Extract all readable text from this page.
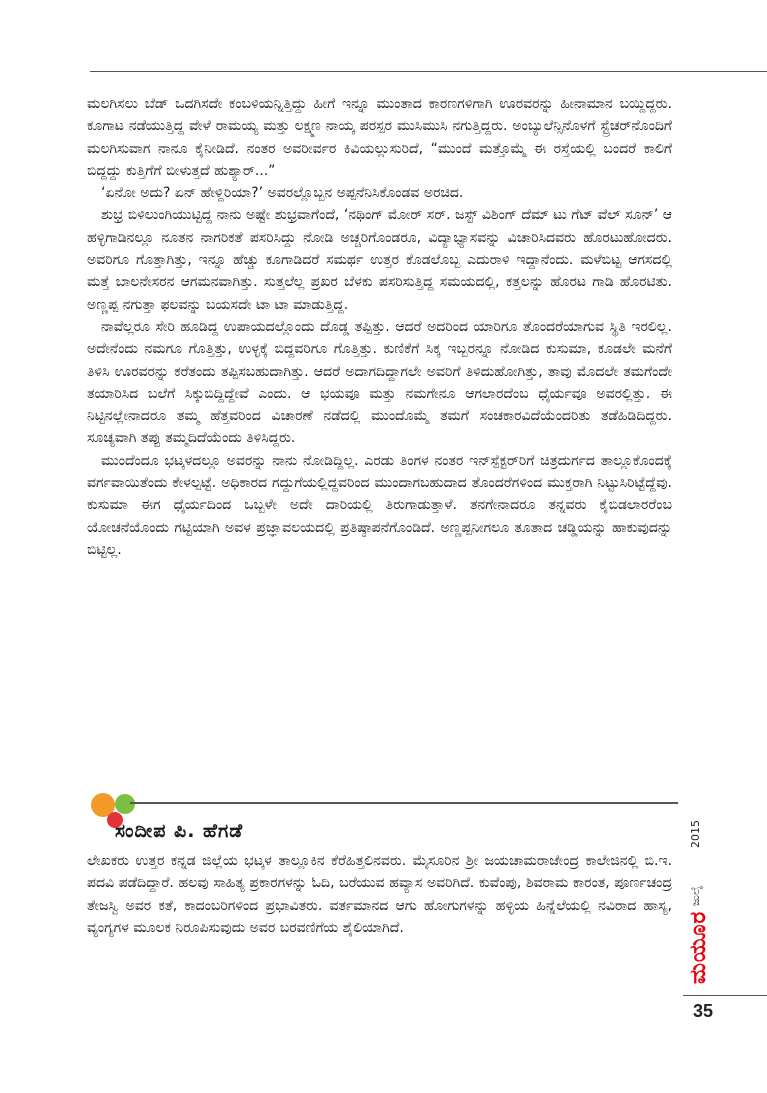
ಮಲಗಿಸಲು ಬೆಡ್ ಒದಗಿಸದೇ ಕಂಬಳಿಯನ್ನಿತ್ತಿದ್ದು ಹೀಗೆ ಇನ್ನೂ ಮುಂತಾದ ಕಾರಣಗಳಿಗಾಗಿ ಊರವರನ್ನು ಹೀನಾಮಾನ ಬಯ್ದಿದ್ದರು. ಕೂಗಾಟ ನಡೆಯುತ್ತಿದ್ದ ವೇಳೆ ರಾಮಯ್ಯ ಮತ್ತು ಲಕ್ಷ್ಮಣ ನಾಯ್ಕ ಪರಸ್ಪರ ಮುಸಿಮುಸಿ ನಗುತ್ತಿದ್ದರು. ಅಂಬ್ಯುಲೆನ್ಸಿನೊಳಗೆ ಸ್ಟ್ರೆಚರ್‌ನೊಂದಿಗೆ ಮಲಗಿಸುವಾಗ ನಾನೂ ಕೈನೀಡಿದೆ. ನಂತರ ಅವರೀರ್ವರ ಕಿವಿಯಲ್ಲುಸುರಿದೆ, “ಮುಂದೆ ಮತ್ತೊಮ್ಮೆ ಈ ರಸ್ತೆಯಲ್ಲಿ ಬಂದರೆ ಕಾಲಿಗೆ ಬಿದ್ದದ್ದು ಕುತ್ತಿಗೆಗೆ ಬೀಳುತ್ತದೆ ಹುಶ್ಯಾರ್...”

‘ಏನೋ ಅದು? ಏನ್ ಹೇಳ್ದಿರಿಯಾ?’ ಅವರಲ್ಲೊಬ್ಬನ ಅಪ್ಪನೆನಿಸಿಕೊಂಡವ ಅರಚಿದ.

ಶುಭ್ರ ಬಿಳಿಲುಂಗಿಯುಟ್ಟಿದ್ದ ನಾನು ಅಷ್ಟೇ ಶುಭ್ರವಾಗೆಂದೆ, ‘ನಥಿಂಗ್ ಮೋರ್ ಸರ್. ಜಸ್ಟ್ ವಿಶಿಂಗ್ ದೆಮ್ ಟು ಗೆಟ್ ವೆಲ್ ಸೂನ್’ ಆ ಹಳ್ಳಿಗಾಡಿನಲ್ಲೂ ನೂತನ ನಾಗರಿಕತೆ ಪಸರಿಸಿದ್ದು ನೋಡಿ ಅಚ್ಚರಿಗೊಂಡರೂ, ವಿದ್ಯಾಭ್ಯಾಸವನ್ನು ವಿಚಾರಿಸಿದವರು ಹೊರಟುಹೋದರು. ಅವರಿಗೂ ಗೊತ್ತಾಗಿತ್ತು, ಇನ್ನೂ ಹೆಚ್ಚು ಕೂಗಾಡಿದರೆ ಸಮರ್ಥ ಉತ್ತರ ಕೊಡಲೊಬ್ಬ ಎದುರಾಳಿ ಇದ್ದಾನೆಂದು. ಮಳೆಬಿಟ್ಟ ಆಗಸದಲ್ಲಿ ಮತ್ತೆ ಬಾಲನೇಸರನ ಆಗಮನವಾಗಿತ್ತು. ಸುತ್ತಲೆಲ್ಲ ಪ್ರಖರ ಬೆಳಕು ಪಸರಿಸುತ್ತಿದ್ದ ಸಮಯದಲ್ಲಿ, ಕತ್ತಲನ್ನು ಹೊರಟ ಗಾಡಿ ಹೊರಟಿತು. ಅಣ್ಣಪ್ಪ ನಗುತ್ತಾ ಫಲವನ್ನು ಬಯಸದೇ ಟಾ ಟಾ ಮಾಡುತ್ತಿದ್ದ.

ನಾವೆಲ್ಲರೂ ಸೇರಿ ಹೂಡಿದ್ದ ಉಪಾಯದಲ್ಲೊಂದು ದೊಡ್ಡ ತಪ್ಪಿತ್ತು. ಆದರೆ ಅದರಿಂದ ಯಾರಿಗೂ ತೊಂದರೆಯಾಗುವ ಸ್ಥಿತಿ ಇರಲಿಲ್ಲ. ಅದೇನೆಂದು ನಮಗೂ ಗೊತ್ತಿತ್ತು, ಉಳ್ಳಕ್ಕೆ ಬಿದ್ದವರಿಗೂ ಗೊತ್ತಿತ್ತು. ಕುಣಿಕೆಗೆ ಸಿಕ್ಕ ಇಬ್ಬರನ್ನೂ ನೋಡಿದ ಕುಸುಮಾ, ಕೂಡಲೇ ಮನೆಗೆ ತಿಳಿಸಿ ಊರವರನ್ನು ಕರೆತಂದು ತಪ್ಪಿಸಬಹುದಾಗಿತ್ತು. ಆದರೆ ಅದಾಗದಿದ್ದಾಗಲೇ ಅವರಿಗೆ ತಿಳಿದುಹೋಗಿತ್ತು, ತಾವು ಮೊದಲೇ ತಮಗೆಂದೇ ತಯಾರಿಸಿದ ಬಲೆಗೆ ಸಿಕ್ಕುಬಿದ್ದಿದ್ದೇವೆ ಎಂದು. ಆ ಭಯವೂ ಮತ್ತು ನಮಗೇನೂ ಆಗಲಾರದೆಂಬ ಧೈರ್ಯವೂ ಅವರಲ್ಲಿತ್ತು. ಈ ನಿಟ್ಟಿನಲ್ಲೇನಾದರೂ ತಮ್ಮ ಹೆತ್ತವರಿಂದ ವಿಚಾರಣೆ ನಡೆದಲ್ಲಿ ಮುಂದೊಮ್ಮೆ ತಮಗೆ ಸಂಚಕಾರವಿದೆಯೆಂದರಿತು ತಡೆಹಿಡಿದಿದ್ದರು. ಸೂಚ್ಯವಾಗಿ ತಪ್ಪು ತಮ್ಮದಿದೆಯೆಂದು ತಿಳಿಸಿದ್ದರು.

ಮುಂದೆಂದೂ ಭಟ್ಕಳದಲ್ಲೂ ಅವರನ್ನು ನಾನು ನೋಡಿದ್ದಿಲ್ಲ. ಎರಡು ತಿಂಗಳ ನಂತರ ಇನ್‌ಸ್ಪೆಕ್ಟರ್‌ರಿಗೆ ಚಿತ್ರದುರ್ಗದ ತಾಲ್ಲೂಕೊಂದಕ್ಕೆ ವರ್ಗವಾಯಿತೆಂದು ಕೇಳಲ್ಪಟ್ಟೆ. ಅಧಿಕಾರದ ಗದ್ದುಗೆಯಲ್ಲಿದ್ದವರಿಂದ ಮುಂದಾಗಬಹುದಾದ ತೊಂದರೆಗಳಿಂದ ಮುಕ್ತರಾಗಿ ನಿಟ್ಟುಸಿರಿಟ್ಟೆದ್ದೆವು. ಕುಸುಮಾ ಈಗ ಧೈರ್ಯದಿಂದ ಒಬ್ಬಳೇ ಅದೇ ದಾರಿಯಲ್ಲಿ ತಿರುಗಾಡುತ್ತಾಳೆ. ತನಗೇನಾದರೂ ತನ್ನವರು ಕೈಬಿಡಲಾರರೆಂಬ ಯೋಚನೆಯೊಂದು ಗಟ್ಟಿಯಾಗಿ ಅವಳ ಪ್ರಜ್ಞಾವಲಯದಲ್ಲಿ ಪ್ರತಿಷ್ಠಾಪನೆಗೊಂಡಿದೆ. ಅಣ್ಣಪ್ಪನೀಗಲೂ ತೂತಾದ ಚಡ್ಡಿಯನ್ನು ಹಾಕುವುದನ್ನು ಬಿಟ್ಟಿಲ್ಲ.

ಸಂದೀಪ ಪಿ. ಹೆಗಡೆ

ಲೇಖಕರು ಉತ್ತರ ಕನ್ನಡ ಜಿಲ್ಲೆಯ ಭಟ್ಕಳ ತಾಲ್ಲೂಕಿನ ಕೆರೆಹಿತ್ತಲಿನವರು. ಮೈಸೂರಿನ ಶ್ರೀ ಜಯಚಾಮರಾಜೇಂದ್ರ ಕಾಲೇಜಿನಲ್ಲಿ ಬಿ.ಇ. ಪದವಿ ಪಡೆದಿದ್ದಾರೆ. ಹಲವು ಸಾಹಿತ್ಯ ಪ್ರಕಾರಗಳನ್ನು ಓದಿ, ಬರೆಯುವ ಹವ್ಯಾಸ ಅವರಿಗಿದೆ. ಕುವೆಂಪು, ಶಿವರಾಮ ಕಾರಂತ, ಪೂರ್ಣಚಂದ್ರ ತೇಜಸ್ವಿ ಅವರ ಕತೆ, ಕಾದಂಬರಿಗಳಿಂದ ಪ್ರಭಾವಿತರು. ವರ್ತಮಾನದ ಆಗು ಹೋಗುಗಳನ್ನು ಹಳ್ಳಿಯ ಹಿನ್ನೆಲೆಯಲ್ಲಿ ನವಿರಾದ ಹಾಸ್ಯ, ವ್ಯಂಗ್ಯಗಳ ಮೂಲಕ ನಿರೂಪಿಸುವುದು ಅವರ ಬರವಣಿಗೆಯ ಶೈಲಿಯಾಗಿದೆ.

2015
ಜುಲೈ
ಮಯೂರ
35
